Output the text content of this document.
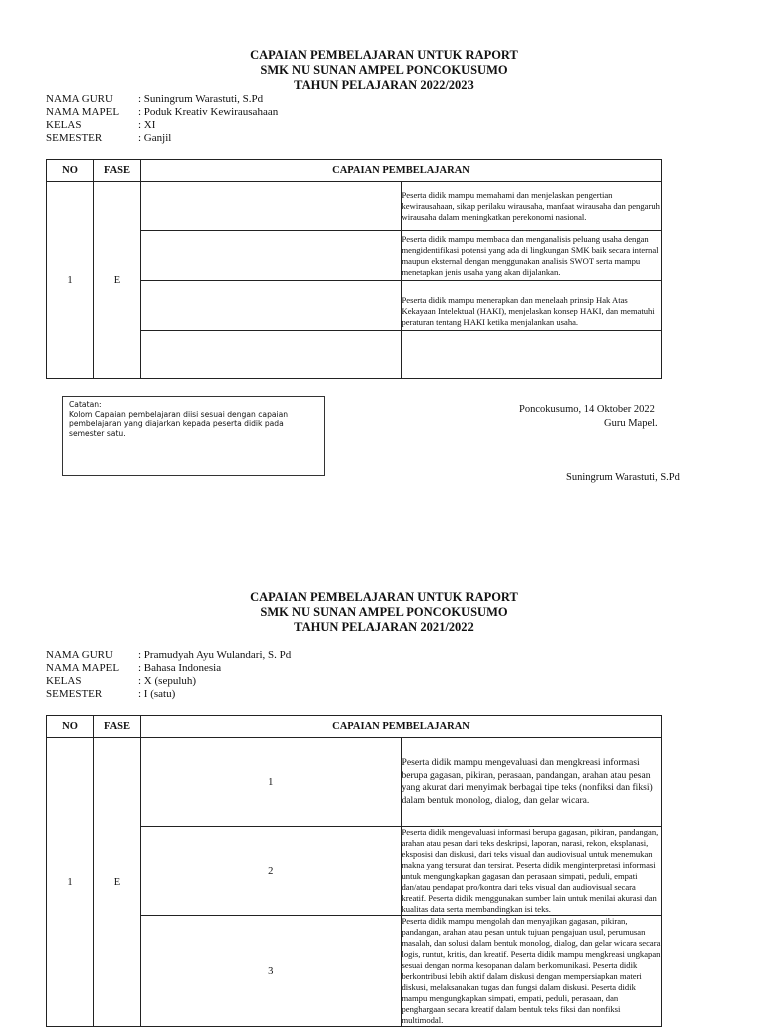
CAPAIAN PEMBELAJARAN UNTUK RAPORT
SMK NU SUNAN AMPEL PONCOKUSUMO
TAHUN PELAJARAN 2022/2023
NAMA GURU	: Suningrum Warastuti, S.Pd
NAMA MAPEL	: Poduk Kreativ Kewirausahaan
KELAS	: XI
SEMESTER	: Ganjil
NO	FASE	CAPAIAN PEMBELAJARAN	
1	E		Peserta didik mampu memahami dan menjelaskan pengertian kewirausahaan, sikap perilaku wirausaha, manfaat wirausaha dan pengaruh wirausaha dalam meningkatkan perekonomi nasional.
			Peserta didik mampu membaca dan menganalisis peluang usaha dengan mengidentifikasi potensi yang ada di lingkungan SMK baik secara internal maupun eksternal dengan menggunakan analisis SWOT serta mampu menetapkan jenis usaha yang akan dijalankan.
			Peserta didik mampu menerapkan dan menelaah prinsip Hak Atas Kekayaan Intelektual (HAKI), menjelaskan konsep HAKI, dan mematuhi peraturan tentang HAKI ketika menjalankan usaha.

Catatan:
Kolom Capaian pembelajaran diisi sesuai dengan capaian pembelajaran yang diajarkan kepada peserta didik pada semester satu.
Poncokusumo, 14 Oktober 2022
Guru Mapel.
Suningrum Warastuti, S.Pd
CAPAIAN PEMBELAJARAN UNTUK RAPORT
SMK NU SUNAN AMPEL PONCOKUSUMO
TAHUN PELAJARAN 2021/2022
NAMA GURU	: Pramudyah Ayu Wulandari, S. Pd
NAMA MAPEL	: Bahasa Indonesia
KELAS	: X (sepuluh)
SEMESTER	: I (satu)
NO	FASE	CAPAIAN PEMBELAJARAN	
1	E	1	Peserta didik mampu mengevaluasi dan mengkreasi informasi berupa gagasan, pikiran, perasaan, pandangan, arahan atau pesan yang akurat dari menyimak berbagai tipe teks (nonfiksi dan fiksi) dalam bentuk monolog, dialog, dan gelar wicara.
		2	Peserta didik mengevaluasi informasi berupa gagasan, pikiran, pandangan, arahan atau pesan dari teks deskripsi, laporan, narasi, rekon, eksplanasi, eksposisi dan diskusi, dari teks visual dan audiovisual untuk menemukan makna yang tersurat dan tersirat. Peserta didik menginterpretasi informasi untuk mengungkapkan gagasan dan perasaan simpati, peduli, empati dan/atau pendapat pro/kontra dari teks visual dan audiovisual secara kreatif. Peserta didik menggunakan sumber lain untuk menilai akurasi dan kualitas data serta membandingkan isi teks.
		3	Peserta didik mampu mengolah dan menyajikan gagasan, pikiran, pandangan, arahan atau pesan untuk tujuan pengajuan usul, perumusan masalah, dan solusi dalam bentuk monolog, dialog, dan gelar wicara secara logis, runtut, kritis, dan kreatif. Peserta didik mampu mengkreasi ungkapan sesuai dengan norma kesopanan dalam berkomunikasi. Peserta didik berkontribusi lebih aktif dalam diskusi dengan mempersiapkan materi diskusi, melaksanakan tugas dan fungsi dalam diskusi. Peserta didik mampu mengungkapkan simpati, empati, peduli, perasaan, dan penghargaan secara kreatif dalam bentuk teks fiksi dan nonfiksi multimodal.
